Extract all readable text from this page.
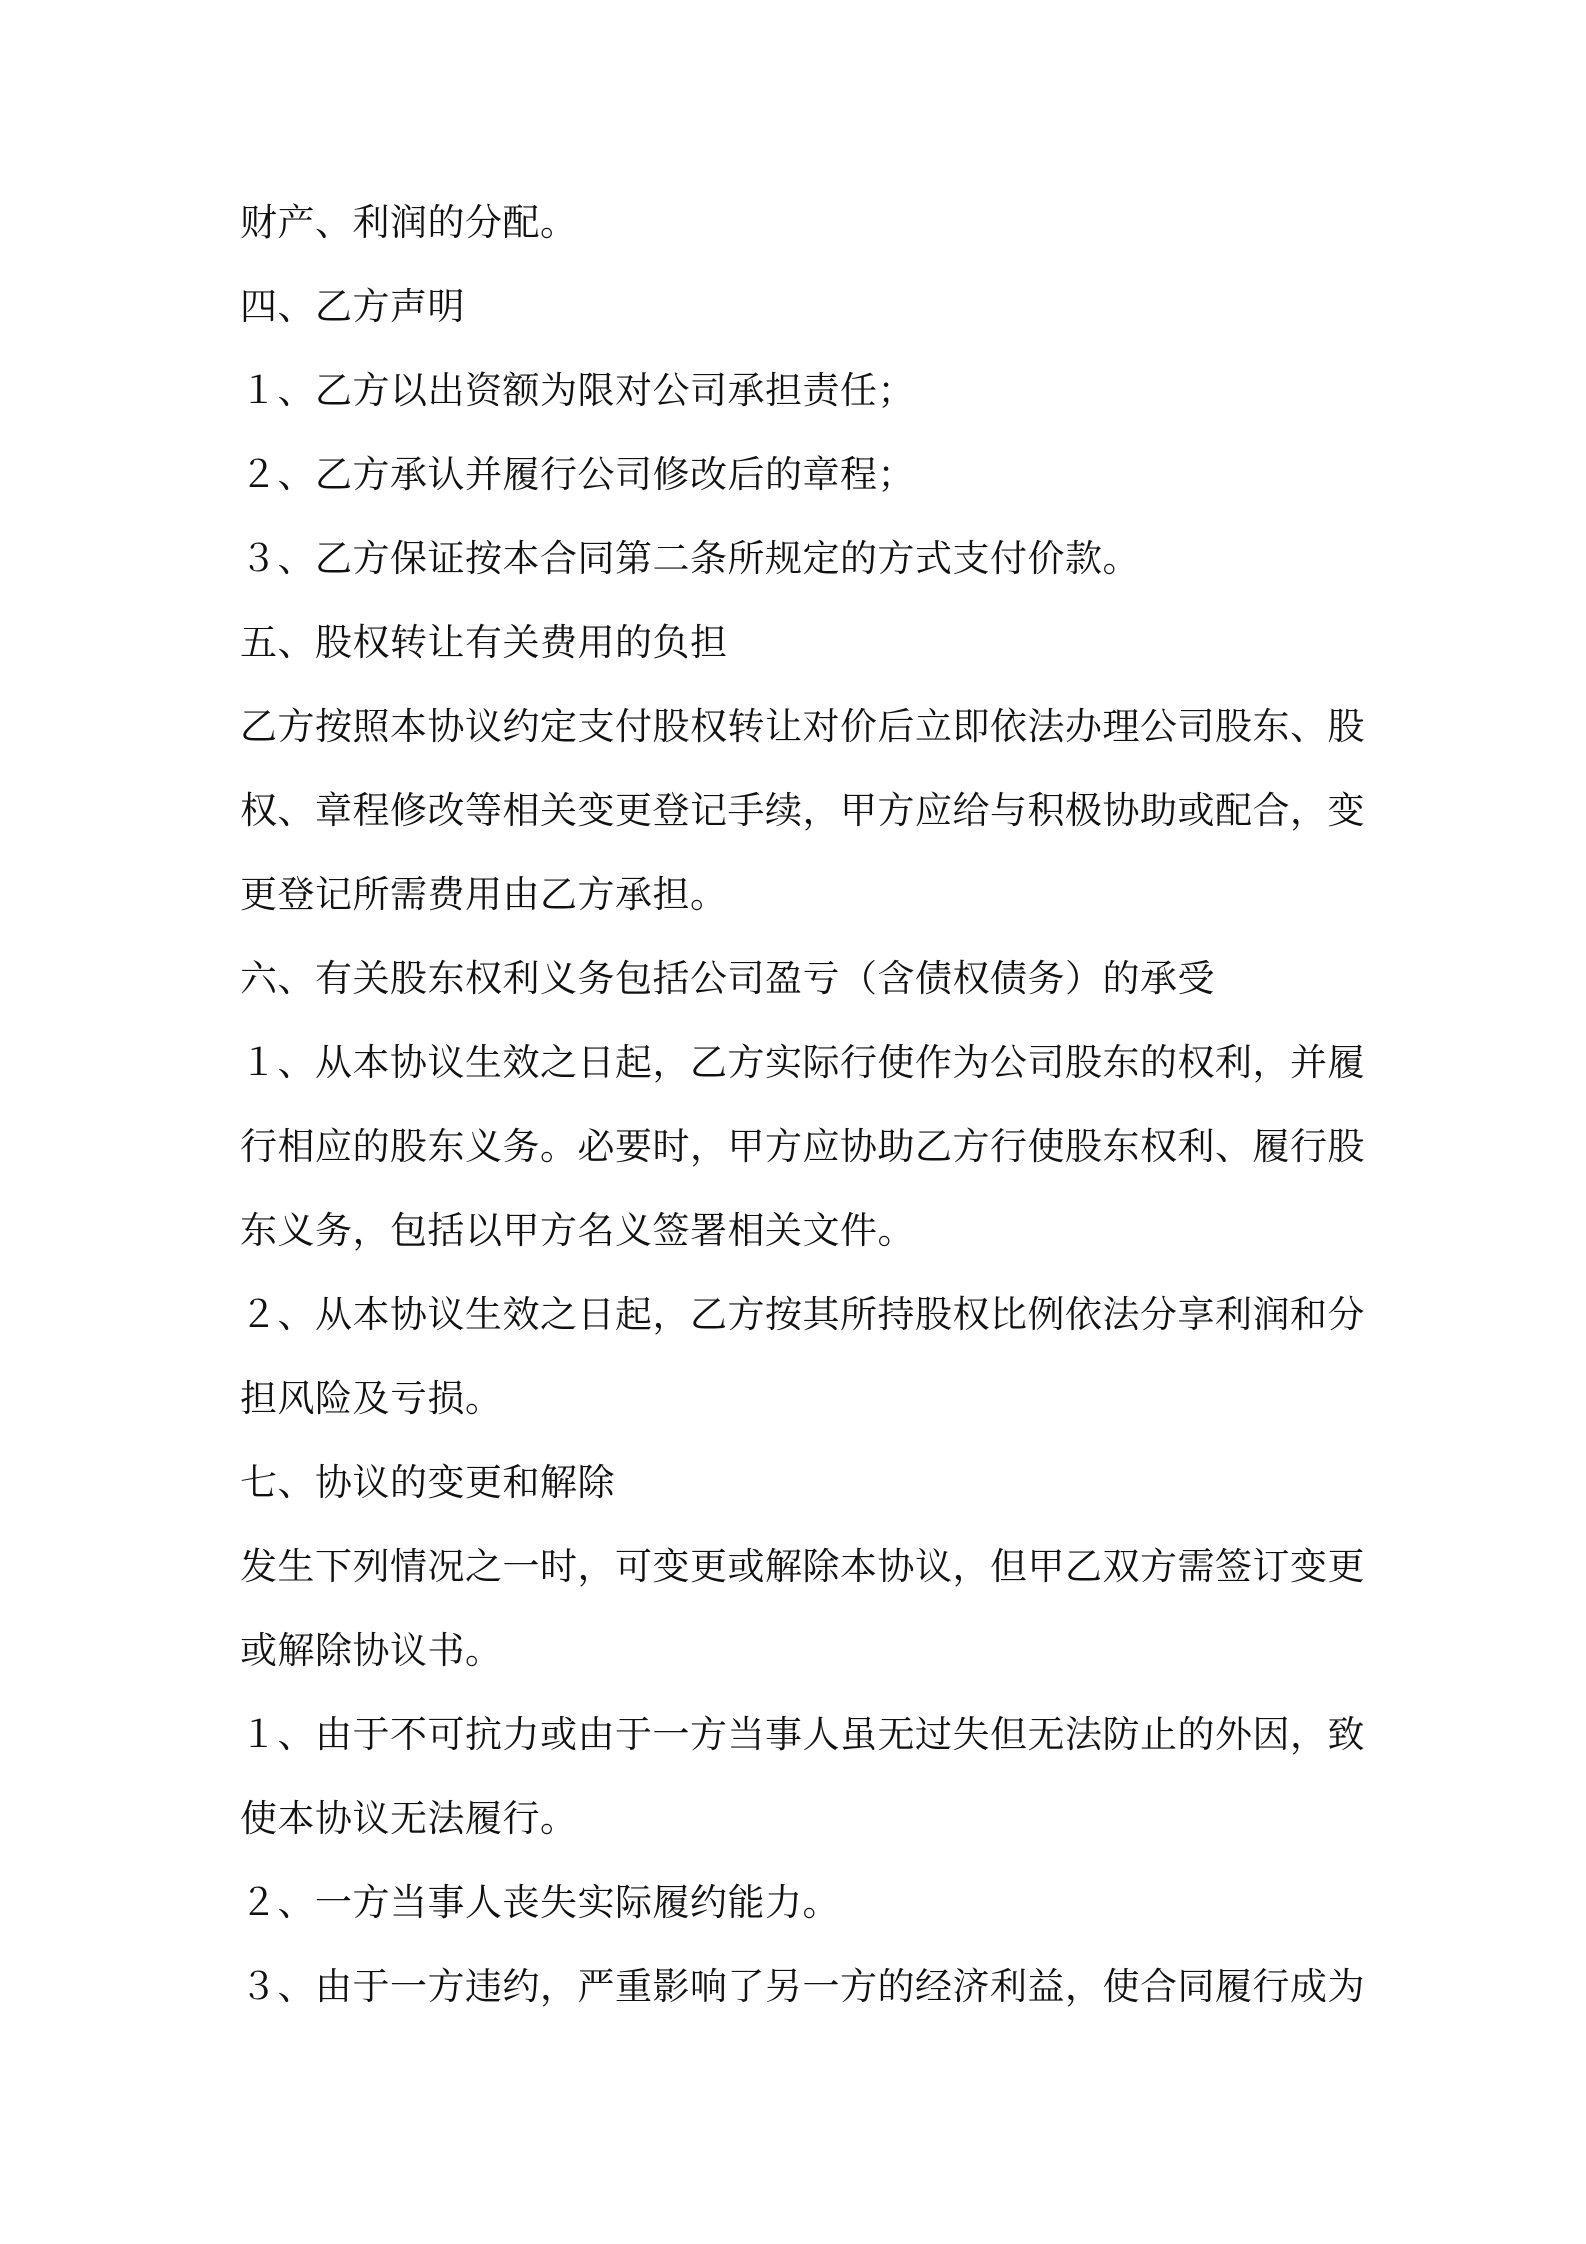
财产、利润的分配。
四、乙方声明
１、乙方以出资额为限对公司承担责任；
２、乙方承认并履行公司修改后的章程；
３、乙方保证按本合同第二条所规定的方式支付价款。
五、股权转让有关费用的负担
乙方按照本协议约定支付股权转让对价后立即依法办理公司股东、股
权、章程修改等相关变更登记手续，甲方应给与积极协助或配合，变
更登记所需费用由乙方承担。
六、有关股东权利义务包括公司盈亏（含债权债务）的承受
１、从本协议生效之日起，乙方实际行使作为公司股东的权利，并履
行相应的股东义务。必要时，甲方应协助乙方行使股东权利、履行股
东义务，包括以甲方名义签署相关文件。
２、从本协议生效之日起，乙方按其所持股权比例依法分享利润和分
担风险及亏损。
七、协议的变更和解除
发生下列情况之一时，可变更或解除本协议，但甲乙双方需签订变更
或解除协议书。
１、由于不可抗力或由于一方当事人虽无过失但无法防止的外因，致
使本协议无法履行。
２、一方当事人丧失实际履约能力。
３、由于一方违约，严重影响了另一方的经济利益，使合同履行成为
